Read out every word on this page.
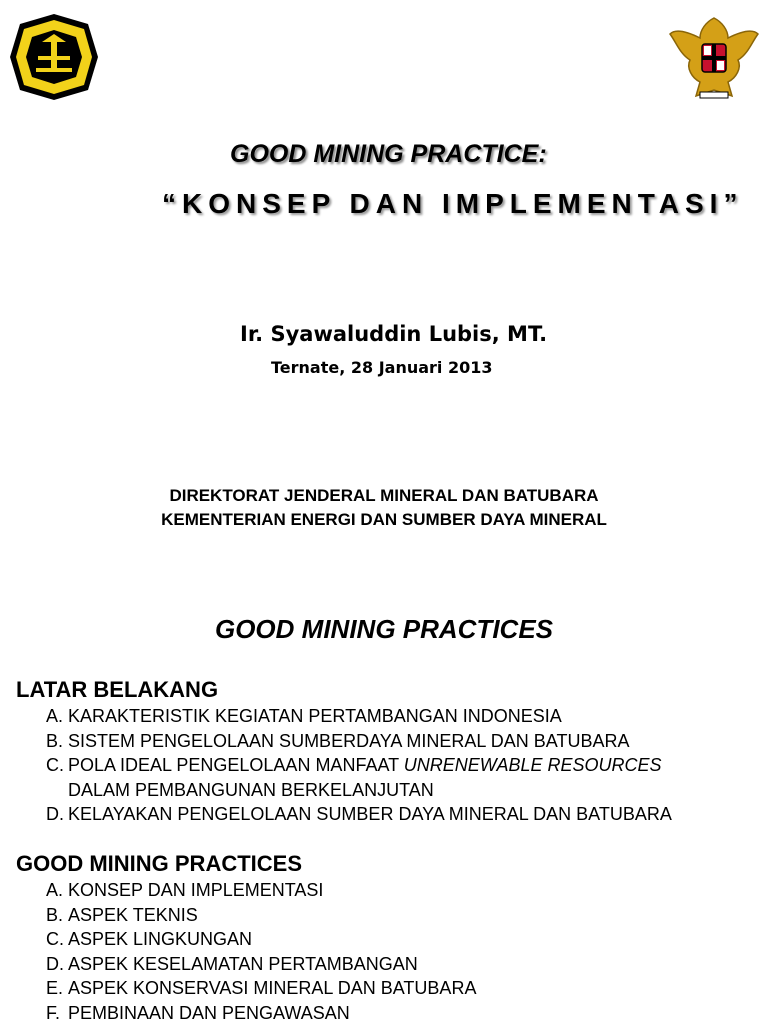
GOOD MINING PRACTICE:
“KONSEP DAN IMPLEMENTASI”
Ir. Syawaluddin Lubis, MT.
Ternate, 28 Januari 2013
DIREKTORAT JENDERAL MINERAL DAN BATUBARA
KEMENTERIAN ENERGI DAN SUMBER DAYA MINERAL
GOOD MINING PRACTICES
LATAR BELAKANG
A. KARAKTERISTIK KEGIATAN PERTAMBANGAN INDONESIA
B. SISTEM PENGELOLAAN SUMBERDAYA MINERAL DAN BATUBARA
C. POLA IDEAL PENGELOLAAN MANFAAT UNRENEWABLE RESOURCES
DALAM PEMBANGUNAN BERKELANJUTAN
D. KELAYAKAN PENGELOLAAN SUMBER DAYA MINERAL DAN BATUBARA
GOOD MINING PRACTICES
A. KONSEP DAN IMPLEMENTASI
B. ASPEK TEKNIS
C. ASPEK LINGKUNGAN
D. ASPEK KESELAMATAN PERTAMBANGAN
E. ASPEK KONSERVASI MINERAL DAN BATUBARA
F. PEMBINAAN DAN PENGAWASAN
